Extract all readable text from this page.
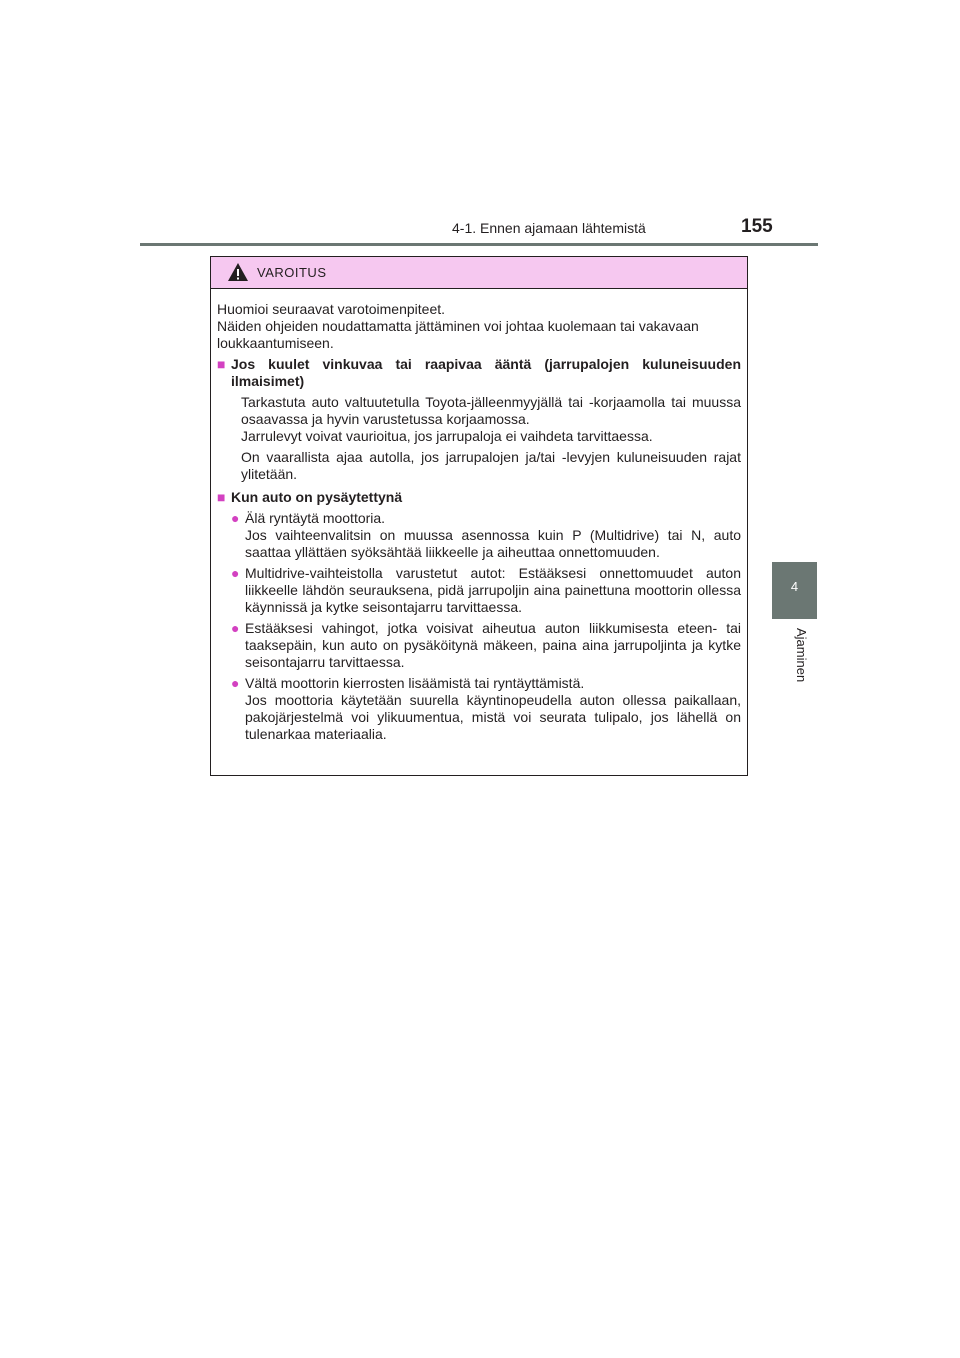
4-1. Ennen ajamaan lähtemistä	155
4
Ajaminen
VAROITUS

Huomioi seuraavat varotoimenpiteet.

Näiden ohjeiden noudattamatta jättäminen voi johtaa kuolemaan tai vakavaan loukkaantumiseen.

■ Jos kuulet vinkuvaa tai raapivaa ääntä (jarrupalojen kuluneisuuden ilmaisimet)
Tarkastuta auto valtuutetulla Toyota-jälleenmyyjällä tai -korjaamolla tai muussa osaavassa ja hyvin varustetussa korjaamossa.
Jarrulevyt voivat vaurioitua, jos jarrupaloja ei vaihdeta tarvittaessa.
On vaarallista ajaa autolla, jos jarrupalojen ja/tai -levyjen kuluneisuuden rajat ylitetään.
■ Kun auto on pysäytettynä
● Älä ryntäytä moottoria.
Jos vaihteenvalitsin on muussa asennossa kuin P (Multidrive) tai N, auto saattaa yllättäen syöksähtää liikkeelle ja aiheuttaa onnettomuuden.
● Multidrive-vaihteistolla varustetut autot: Estääksesi onnettomuudet auton liikkeelle lähdön seurauksena, pidä jarrupoljin aina painettuna moottorin ollessa käynnissä ja kytke seisontajarru tarvittaessa.
● Estääksesi vahingot, jotka voisivat aiheutua auton liikkumisesta eteen- tai taaksepäin, kun auto on pysäköitynä mäkeen, paina aina jarrupoljinta ja kytke seisontajarru tarvittaessa.
● Vältä moottorin kierrosten lisäämistä tai ryntäyttämistä.
Jos moottoria käytetään suurella käyntinopeudella auton ollessa paikallaan, pakojärjestelmä voi ylikuumentua, mistä voi seurata tulipalo, jos lähellä on tulenarkaa materiaalia.
